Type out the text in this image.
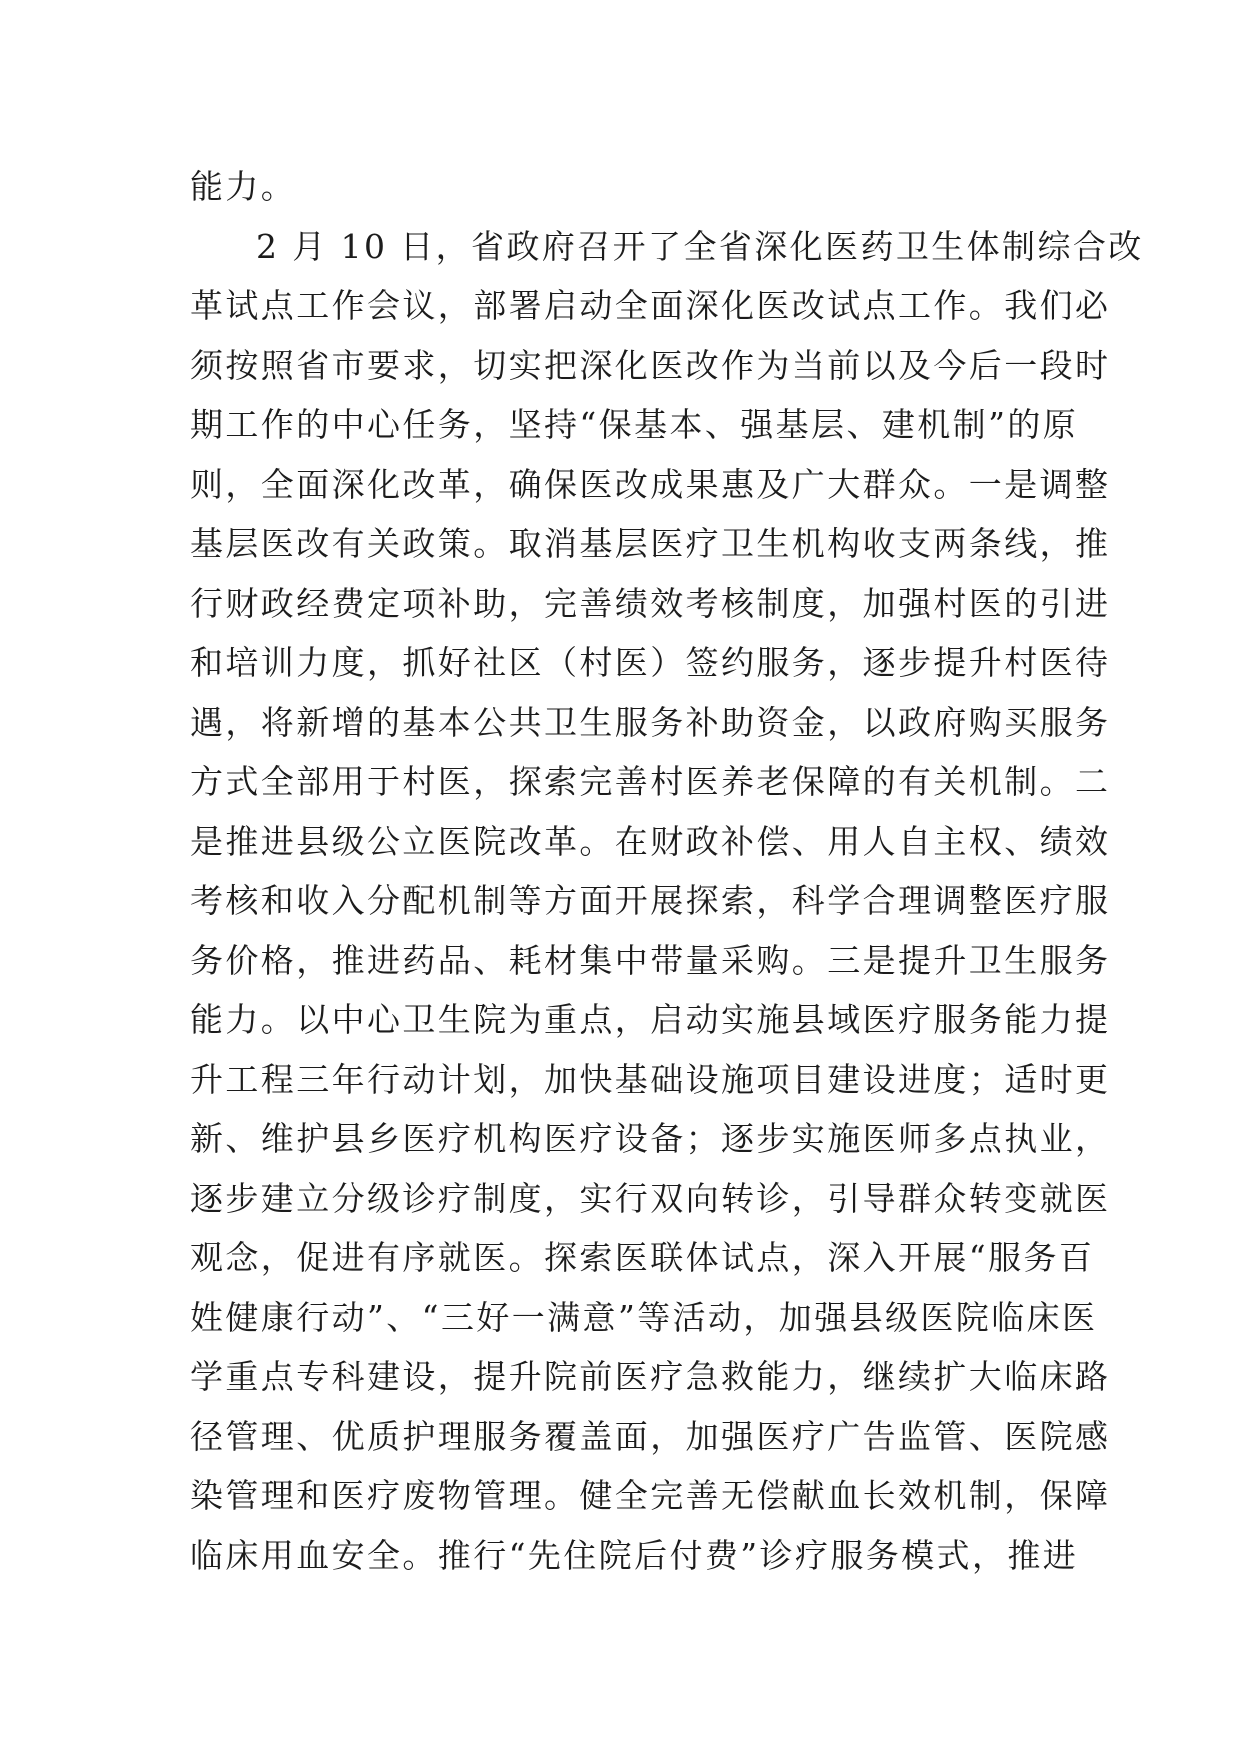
能力。
2 月 10 日，省政府召开了全省深化医药卫生体制综合改
革试点工作会议，部署启动全面深化医改试点工作。我们必
须按照省市要求，切实把深化医改作为当前以及今后一段时
期工作的中心任务，坚持“保基本、强基层、建机制”的原
则，全面深化改革，确保医改成果惠及广大群众。一是调整
基层医改有关政策。取消基层医疗卫生机构收支两条线，推
行财政经费定项补助，完善绩效考核制度，加强村医的引进
和培训力度，抓好社区（村医）签约服务，逐步提升村医待
遇，将新增的基本公共卫生服务补助资金，以政府购买服务
方式全部用于村医，探索完善村医养老保障的有关机制。二
是推进县级公立医院改革。在财政补偿、用人自主权、绩效
考核和收入分配机制等方面开展探索，科学合理调整医疗服
务价格，推进药品、耗材集中带量采购。三是提升卫生服务
能力。以中心卫生院为重点，启动实施县域医疗服务能力提
升工程三年行动计划，加快基础设施项目建设进度；适时更
新、维护县乡医疗机构医疗设备；逐步实施医师多点执业，
逐步建立分级诊疗制度，实行双向转诊，引导群众转变就医
观念，促进有序就医。探索医联体试点，深入开展“服务百
姓健康行动”、“三好一满意”等活动，加强县级医院临床医
学重点专科建设，提升院前医疗急救能力，继续扩大临床路
径管理、优质护理服务覆盖面，加强医疗广告监管、医院感
染管理和医疗废物管理。健全完善无偿献血长效机制，保障
临床用血安全。推行“先住院后付费”诊疗服务模式，推进
